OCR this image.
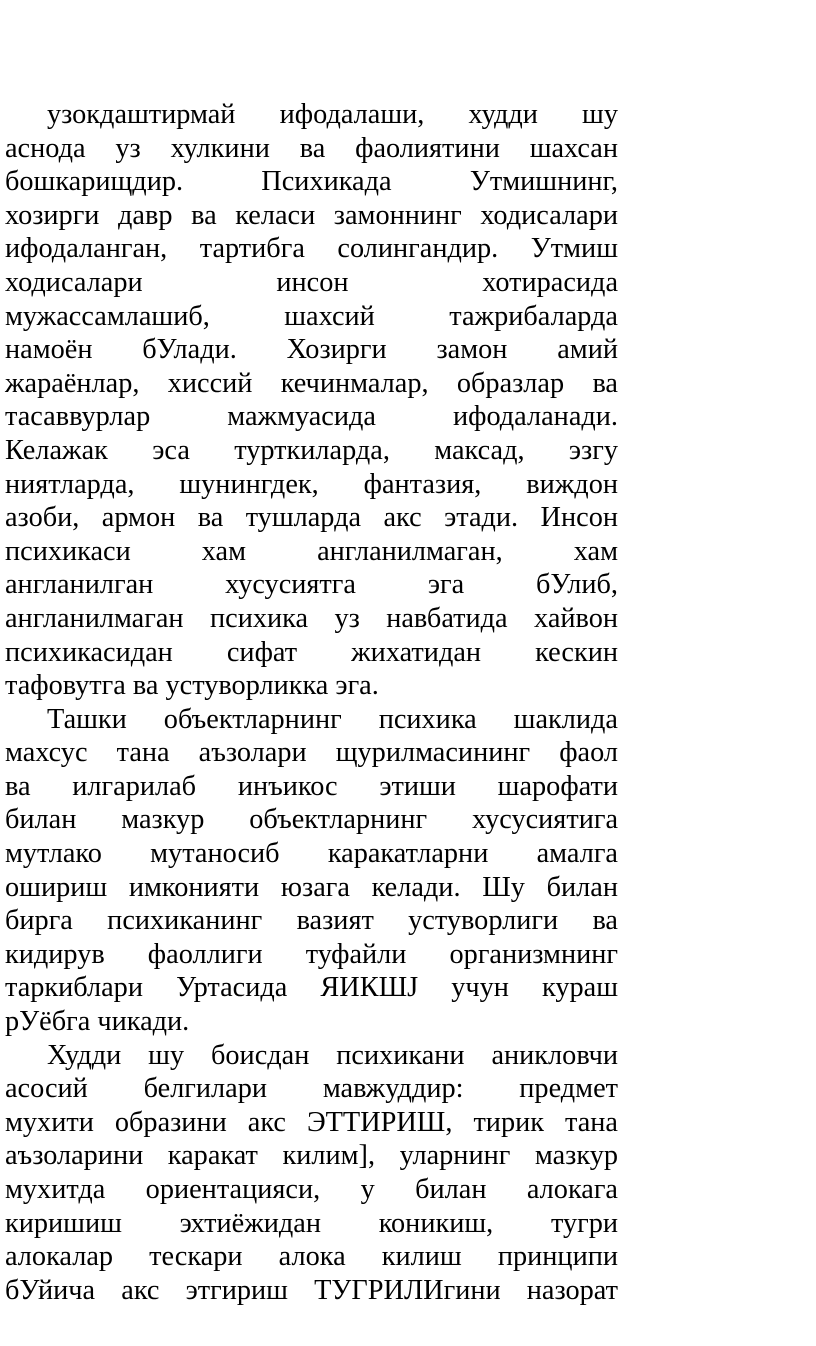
узокдаштирмай ифодалаши, худди шу
аснода уз хулкини ва фаолиятини шахсан
бошкарищдир. Психикада Утмишнинг,
хозирги давр ва келаси замоннинг ходисалари
ифодаланган, тартибга солингандир. Утмиш
ходисалари инсон хотирасида
мужассамлашиб, шахсий тажрибаларда
намоён бУлади. Хозирги замон амий
жараёнлар, хиссий кечинмалар, образлар ва
тасаввурлар мажмуасида ифодаланади.
Келажак эса турткиларда, максад, эзгу
ниятларда, шунингдек, фантазия, виждон
азоби, армон ва тушларда акс этади. Инсон
психикаси хам англанилмаган, хам
англанилган хусусиятга эга бУлиб,
англанилмаган психика уз навбатида хайвон
психикасидан сифат жихатидан кескин
тафовутга ва устуворликка эга.
Ташки объектларнинг психика шаклида
махсус тана аъзолари щурилмасининг фаол
ва илгарилаб инъикос этиши шарофати
билан мазкур объектларнинг хусусиятига
мутлако мутаносиб каракатларни амалга
ошириш имконияти юзага келади. Шу билан
бирга психиканинг вазият устуворлиги ва
кидирув фаоллиги туфайли организмнинг
таркиблари Уртасида ЯИКШЈ учун кураш
рУёбга чикади.
Худди шу боисдан психикани аникловчи
асосий белгилари мавжуддир: предмет
мухити образини акс ЭТТИРИШ, тирик тана
аъзоларини каракат килим], уларнинг мазкур
мухитда ориентацияси, у билан алокага
киришиш эхтиёжидан коникиш, тугри
алокалар тескари алока килиш принципи
бУйича акс этгириш ТУГРИЛИгини назорат
